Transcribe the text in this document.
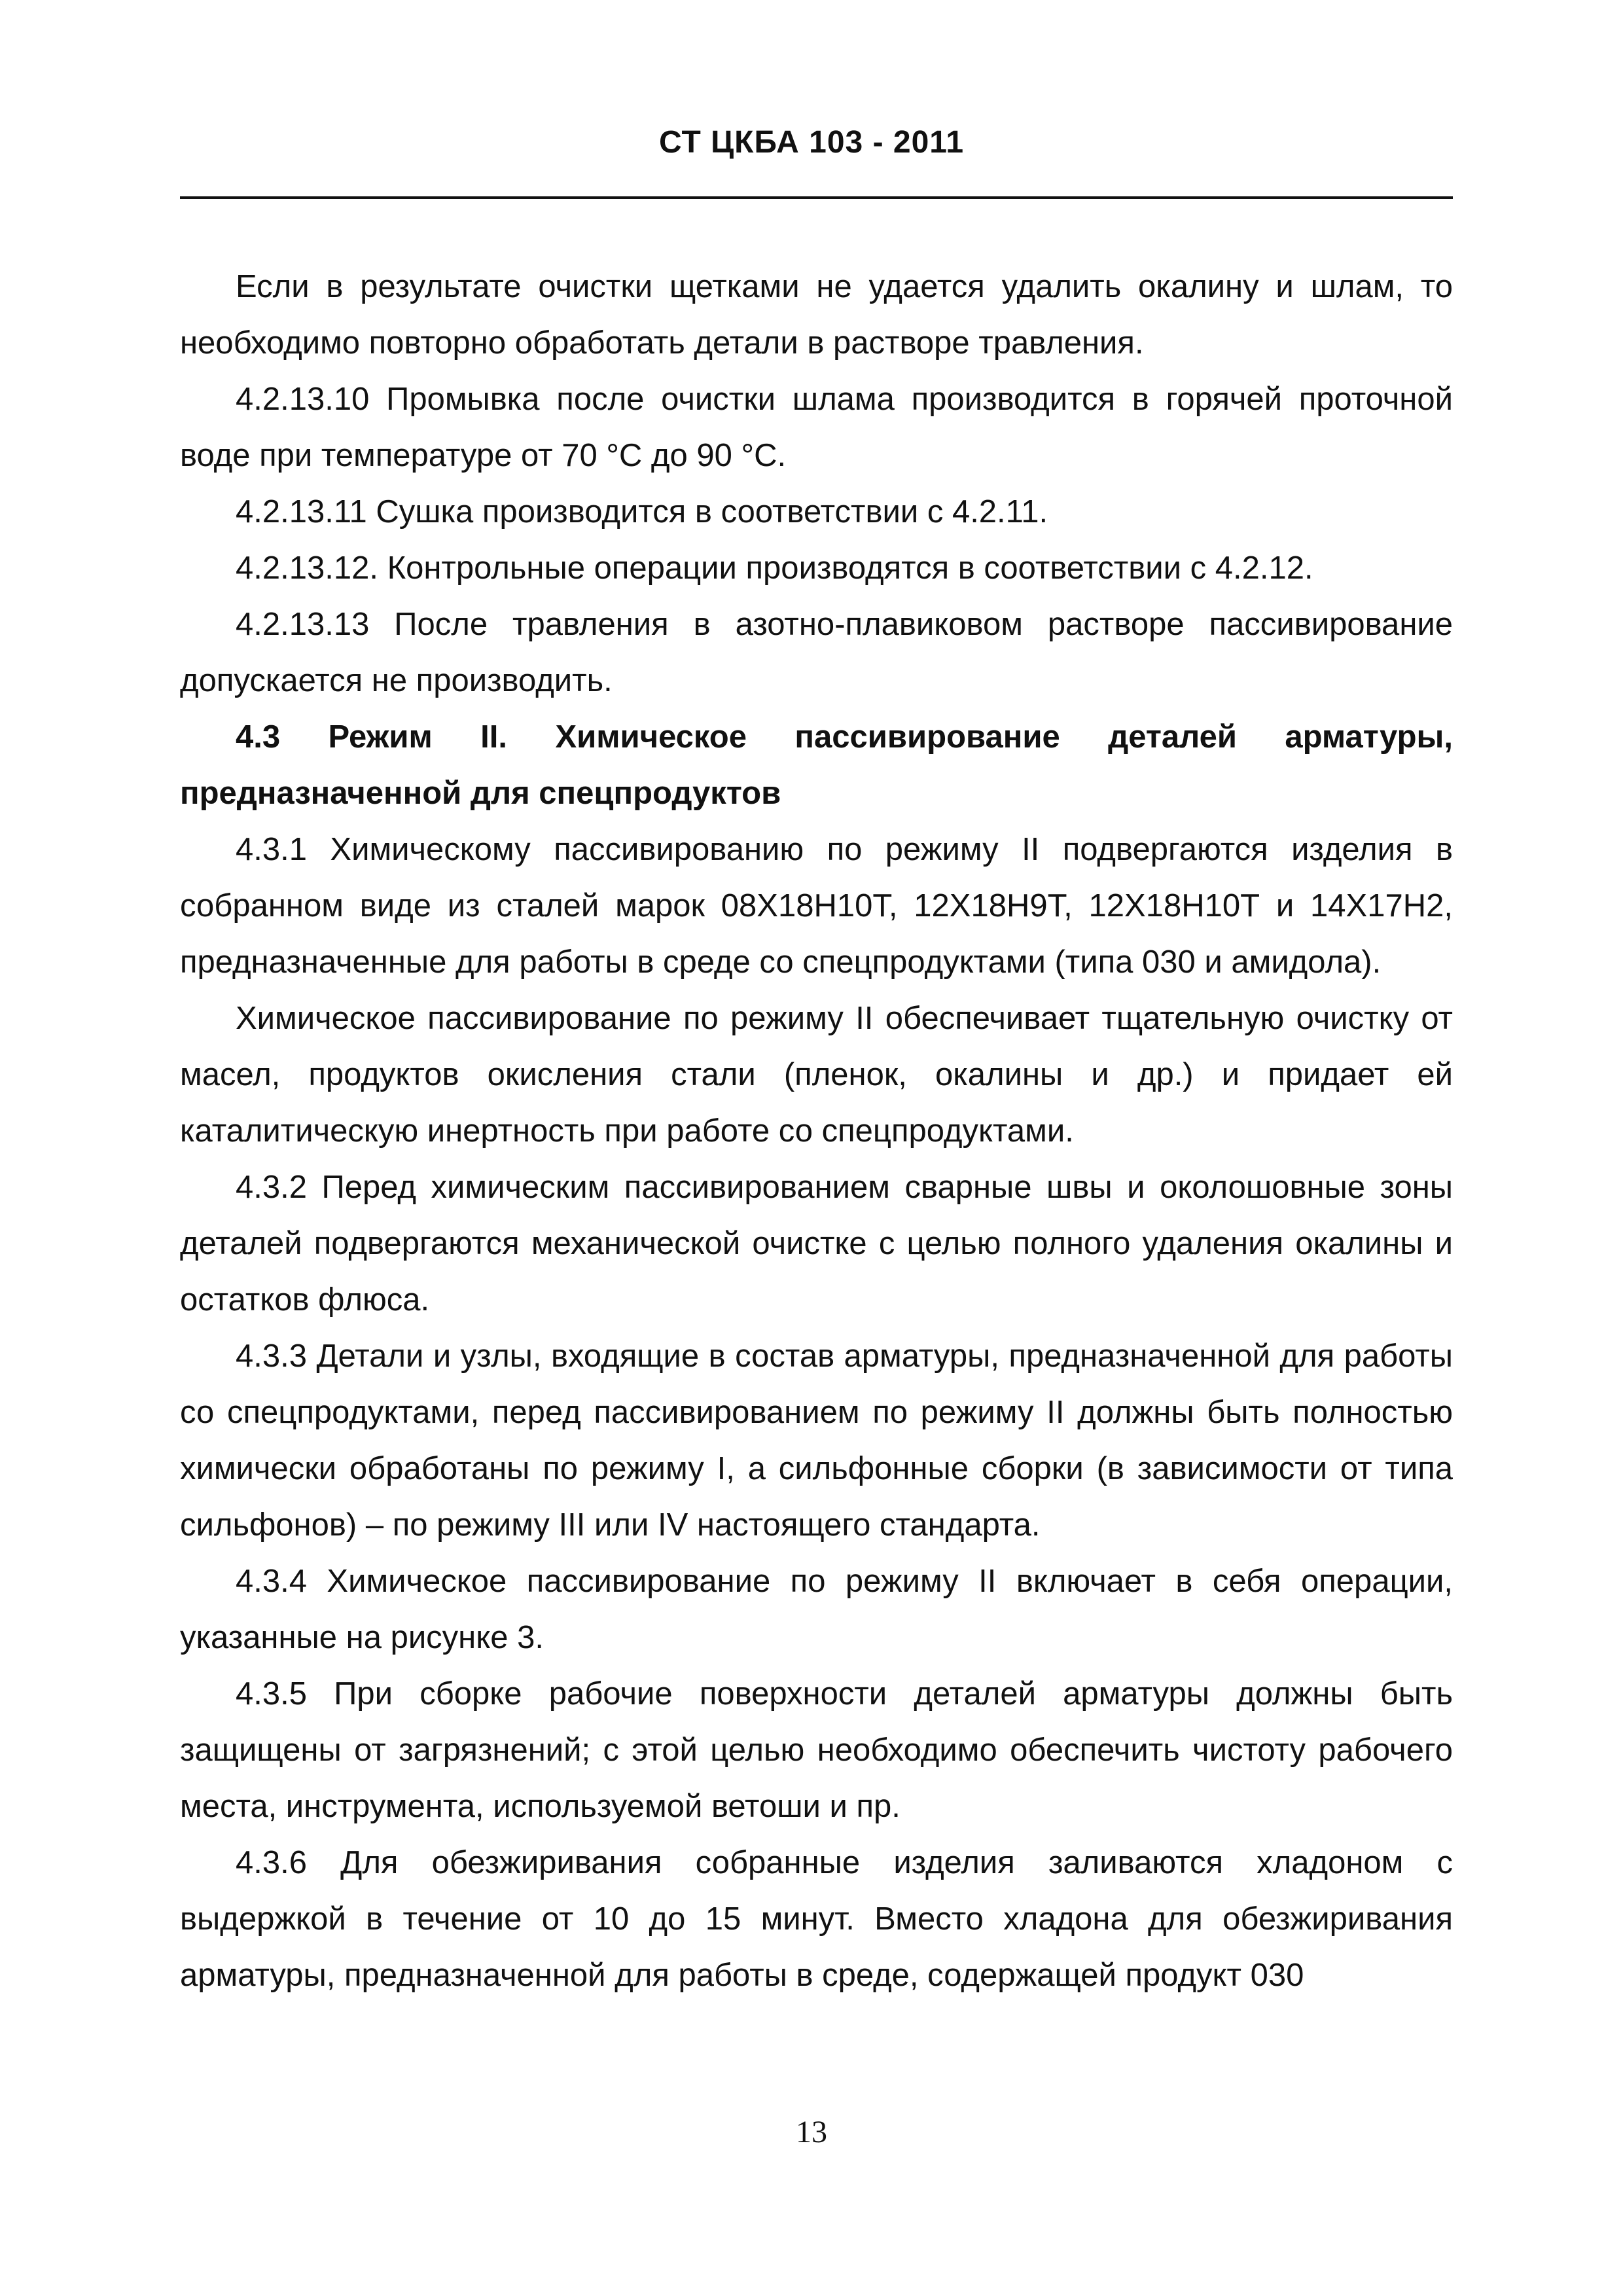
СТ ЦКБА 103 - 2011

Если в результате очистки щетками не удается удалить окалину и шлам, то необходимо повторно обработать детали в растворе травления.

4.2.13.10 Промывка после очистки шлама производится в горячей проточной воде при температуре от 70 °С до 90 °С.

4.2.13.11 Сушка производится в соответствии с 4.2.11.

4.2.13.12. Контрольные операции производятся в соответствии с 4.2.12.

4.2.13.13 После травления в азотно-плавиковом растворе пассивирование допускается не производить.

4.3 Режим II. Химическое пассивирование деталей арматуры, предназначенной для спецпродуктов

4.3.1 Химическому пассивированию по режиму II подвергаются изделия в собранном виде из сталей марок 08Х18Н10Т, 12Х18Н9Т, 12Х18Н10Т и 14Х17Н2, предназначенные для работы в среде со спецпродуктами (типа 030 и амидола).

Химическое пассивирование по режиму II обеспечивает тщательную очистку от масел, продуктов окисления стали (пленок, окалины и др.) и придает ей каталитическую инертность при работе со спецпродуктами.

4.3.2 Перед химическим пассивированием сварные швы и околошовные зоны деталей подвергаются механической очистке с целью полного удаления окалины и остатков флюса.

4.3.3 Детали и узлы, входящие в состав арматуры, предназначенной для работы со спецпродуктами, перед пассивированием по режиму II должны быть полностью химически обработаны по режиму I, а сильфонные сборки (в зависимости от типа сильфонов) – по режиму III или IV настоящего стандарта.

4.3.4 Химическое пассивирование по режиму II включает в себя операции, указанные на рисунке 3.

4.3.5 При сборке рабочие поверхности деталей арматуры должны быть защищены от загрязнений; с этой целью необходимо обеспечить чистоту рабочего места, инструмента, используемой ветоши и пр.

4.3.6 Для обезжиривания собранные изделия заливаются хладоном с выдержкой в течение от 10 до 15 минут. Вместо хладона для обезжиривания арматуры, предназначенной для работы в среде, содержащей продукт 030

13
